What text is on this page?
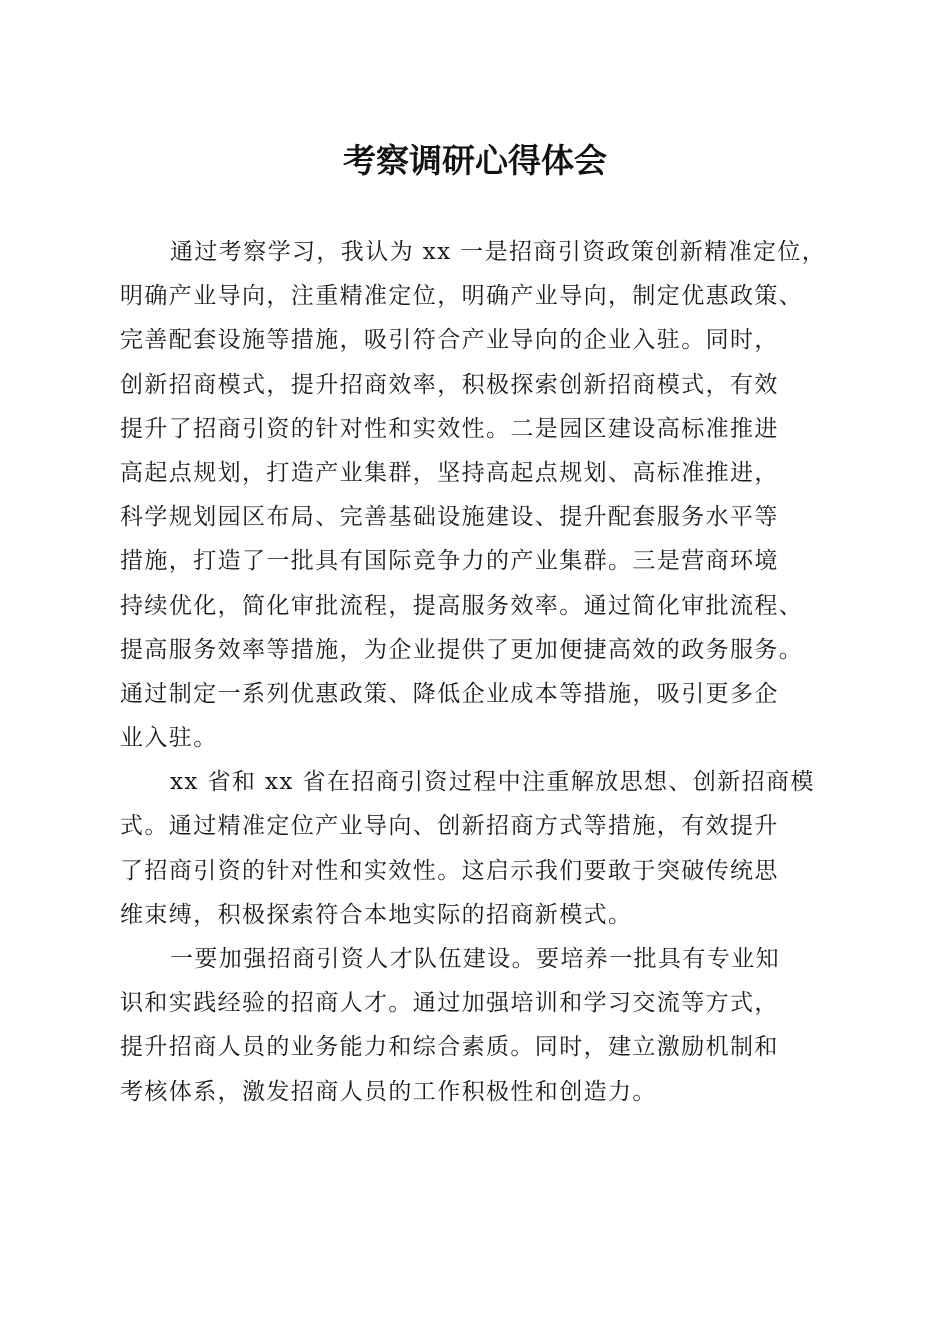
考察调研心得体会
通过考察学习，我认为 xx 一是招商引资政策创新精准定位，
明确产业导向，注重精准定位，明确产业导向，制定优惠政策、
完善配套设施等措施，吸引符合产业导向的企业入驻。同时，
创新招商模式，提升招商效率，积极探索创新招商模式，有效
提升了招商引资的针对性和实效性。二是园区建设高标准推进
高起点规划，打造产业集群，坚持高起点规划、高标准推进，
科学规划园区布局、完善基础设施建设、提升配套服务水平等
措施，打造了一批具有国际竞争力的产业集群。三是营商环境
持续优化，简化审批流程，提高服务效率。通过简化审批流程、
提高服务效率等措施，为企业提供了更加便捷高效的政务服务。
通过制定一系列优惠政策、降低企业成本等措施，吸引更多企
业入驻。
xx 省和 xx 省在招商引资过程中注重解放思想、创新招商模
式。通过精准定位产业导向、创新招商方式等措施，有效提升
了招商引资的针对性和实效性。这启示我们要敢于突破传统思
维束缚，积极探索符合本地实际的招商新模式。
一要加强招商引资人才队伍建设。要培养一批具有专业知
识和实践经验的招商人才。通过加强培训和学习交流等方式，
提升招商人员的业务能力和综合素质。同时，建立激励机制和
考核体系，激发招商人员的工作积极性和创造力。
